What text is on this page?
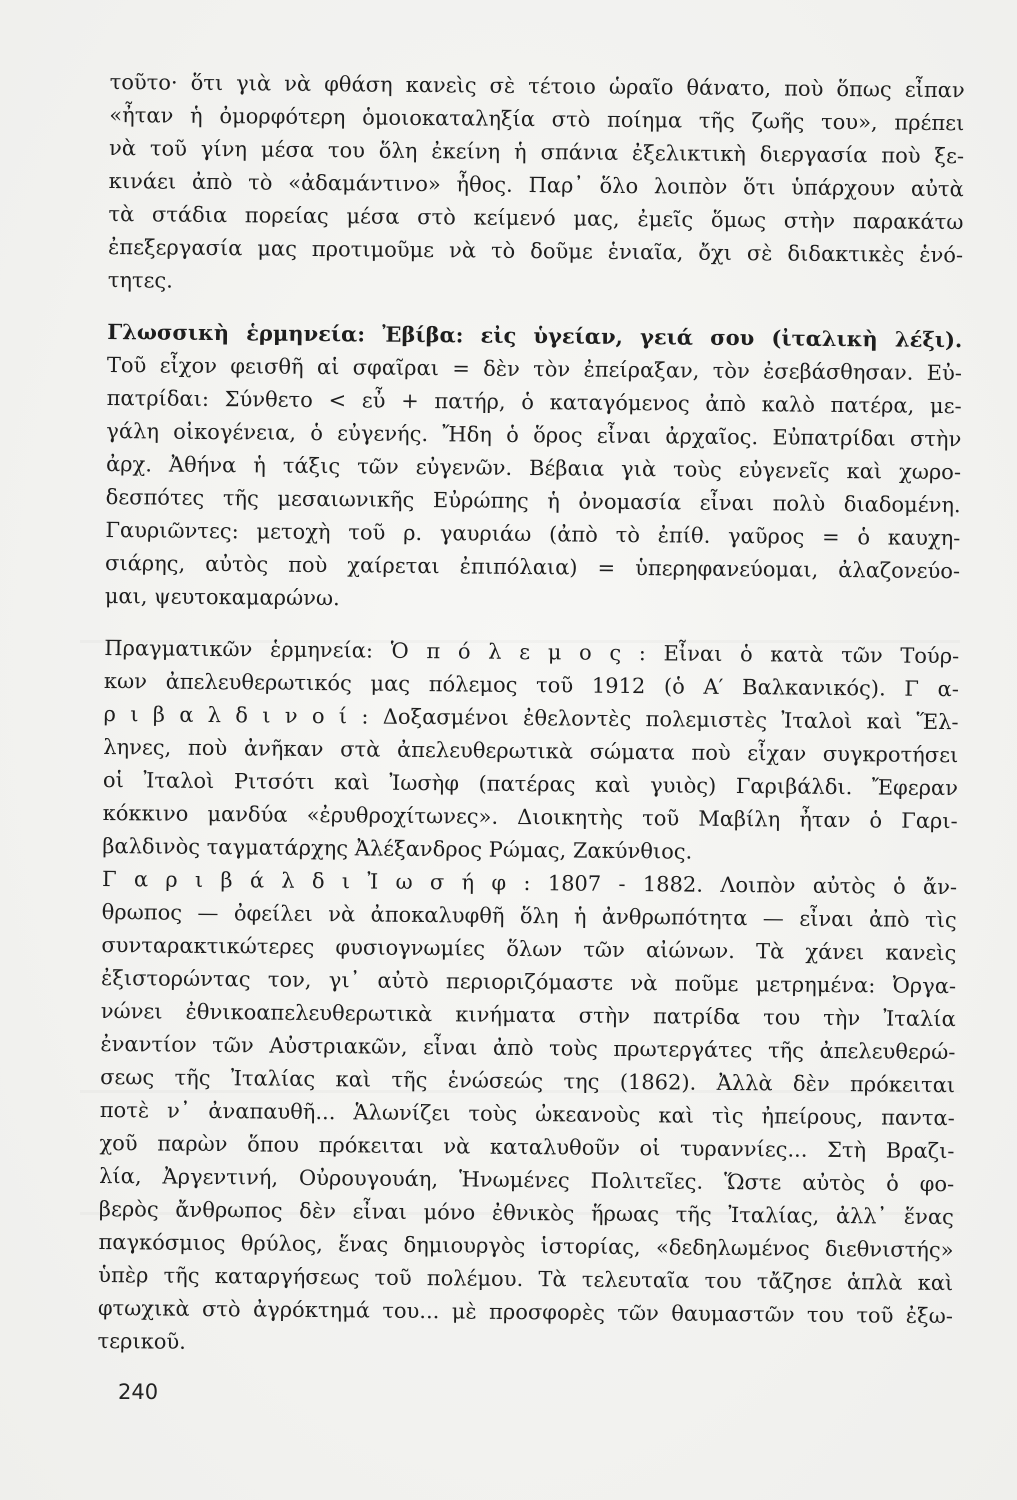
τοῦτο· ὅτι γιὰ νὰ φθάση κανεὶς σὲ τέτοιο ὡραῖο θάνατο, ποὺ ὅπως εἶπαν
«ἦταν ἡ ὀμορφότερη ὁμοιοκαταληξία στὸ ποίημα τῆς ζωῆς του», πρέπει
νὰ τοῦ γίνη μέσα του ὅλη ἐκείνη ἡ σπάνια ἐξελικτικὴ διεργασία ποὺ ξε-
κινάει ἀπὸ τὸ «ἀδαμάντινο» ἦθος. Παρ᾽ ὅλο λοιπὸν ὅτι ὑπάρχουν αὐτὰ
τὰ στάδια πορείας μέσα στὸ κείμενό μας, ἐμεῖς ὅμως στὴν παρακάτω
ἐπεξεργασία μας προτιμοῦμε νὰ τὸ δοῦμε ἑνιαῖα, ὄχι σὲ διδακτικὲς ἑνό-
τητες.
Γλωσσικὴ ἑρμηνεία: Ἐβίβα: εἰς ὑγείαν, γειά σου (ἰταλικὴ λέξι).
Τοῦ εἶχον φεισθῆ αἱ σφαῖραι = δὲν τὸν ἐπείραξαν, τὸν ἐσεβάσθησαν. Εὐ-
πατρίδαι: Σύνθετο < εὖ + πατήρ, ὁ καταγόμενος ἀπὸ καλὸ πατέρα, με-
γάλη οἰκογένεια, ὁ εὐγενής. Ἤδη ὁ ὅρος εἶναι ἀρχαῖος. Εὐπατρίδαι στὴν
ἀρχ. Ἀθήνα ἡ τάξις τῶν εὐγενῶν. Βέβαια γιὰ τοὺς εὐγενεῖς καὶ χωρο-
δεσπότες τῆς μεσαιωνικῆς Εὐρώπης ἡ ὀνομασία εἶναι πολὺ διαδομένη.
Γαυριῶντες: μετοχὴ τοῦ ρ. γαυριάω (ἀπὸ τὸ ἐπίθ. γαῦρος = ὁ καυχη-
σιάρης, αὐτὸς ποὺ χαίρεται ἐπιπόλαια) = ὑπερηφανεύομαι, ἀλαζονεύο-
μαι, ψευτοκαμαρώνω.
Πραγματικῶν ἑρμηνεία: Ὁ π ό λ ε μ ο ς : Εἶναι ὁ κατὰ τῶν Τούρ-
κων ἀπελευθερωτικός μας πόλεμος τοῦ 1912 (ὁ Α′ Βαλκανικός). Γ α-
ρ ι β α λ δ ι ν ο ί : Δοξασμένοι ἐθελοντὲς πολεμιστὲς Ἰταλοὶ καὶ Ἕλ-
ληνες, ποὺ ἀνῆκαν στὰ ἀπελευθερωτικὰ σώματα ποὺ εἶχαν συγκροτήσει
οἱ Ἰταλοὶ Ριτσότι καὶ Ἰωσὴφ (πατέρας καὶ γυιὸς) Γαριβάλδι. Ἔφεραν
κόκκινο μανδύα «ἐρυθροχίτωνες». Διοικητὴς τοῦ Μαβίλη ἦταν ὁ Γαρι-
βαλδινὸς ταγματάρχης Ἀλέξανδρος Ρώμας, Ζακύνθιος.
Γ α ρ ι β ά λ δ ι Ἰ ω σ ή φ : 1807 - 1882. Λοιπὸν αὐτὸς ὁ ἄν-
θρωπος — ὀφείλει νὰ ἀποκαλυφθῆ ὅλη ἡ ἀνθρωπότητα — εἶναι ἀπὸ τὶς
συνταρακτικώτερες φυσιογνωμίες ὅλων τῶν αἰώνων. Τὰ χάνει κανεὶς
ἐξιστορώντας τον, γι᾽ αὐτὸ περιοριζόμαστε νὰ ποῦμε μετρημένα: Ὀργα-
νώνει ἐθνικοαπελευθερωτικὰ κινήματα στὴν πατρίδα του τὴν Ἰταλία
ἐναντίον τῶν Αὐστριακῶν, εἶναι ἀπὸ τοὺς πρωτεργάτες τῆς ἀπελευθερώ-
σεως τῆς Ἰταλίας καὶ τῆς ἑνώσεώς της (1862). Ἀλλὰ δὲν πρόκειται
ποτὲ ν᾽ ἀναπαυθῆ... Ἁλωνίζει τοὺς ὠκεανοὺς καὶ τὶς ἠπείρους, παντα-
χοῦ παρὼν ὅπου πρόκειται νὰ καταλυθοῦν οἱ τυραννίες... Στὴ Βραζι-
λία, Ἀργεντινή, Οὐρουγουάη, Ἡνωμένες Πολιτεῖες. Ὥστε αὐτὸς ὁ φο-
βερὸς ἄνθρωπος δὲν εἶναι μόνο ἐθνικὸς ἥρωας τῆς Ἰταλίας, ἀλλ᾽ ἕνας
παγκόσμιος θρύλος, ἕνας δημιουργὸς ἱστορίας, «δεδηλωμένος διεθνιστής»
ὑπὲρ τῆς καταργήσεως τοῦ πολέμου. Τὰ τελευταῖα του τἄζησε ἁπλὰ καὶ
φτωχικὰ στὸ ἀγρόκτημά του... μὲ προσφορὲς τῶν θαυμαστῶν του τοῦ ἐξω-
τερικοῦ.
240
